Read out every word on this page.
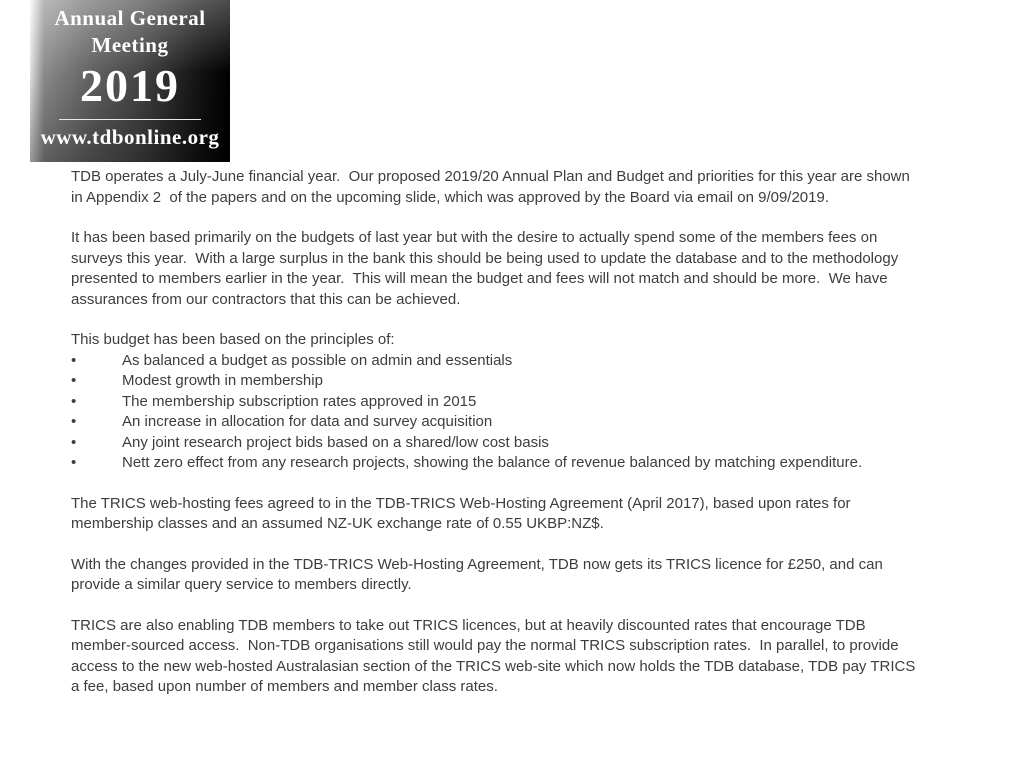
Annual General
Meeting
2019
www.tdbonline.org

TDB operates a July-June financial year.  Our proposed 2019/20 Annual Plan and Budget and priorities for this year are shown in Appendix 2  of the papers and on the upcoming slide, which was approved by the Board via email on 9/09/2019.

It has been based primarily on the budgets of last year but with the desire to actually spend some of the members fees on surveys this year.  With a large surplus in the bank this should be being used to update the database and to the methodology presented to members earlier in the year.  This will mean the budget and fees will not match and should be more.  We have assurances from our contractors that this can be achieved.

This budget has been based on the principles of:

•	As balanced a budget as possible on admin and essentials
•	Modest growth in membership
•	The membership subscription rates approved in 2015
•	An increase in allocation for data and survey acquisition
•	Any joint research project bids based on a shared/low cost basis
•	Nett zero effect from any research projects, showing the balance of revenue balanced by matching expenditure.

The TRICS web-hosting fees agreed to in the TDB-TRICS Web-Hosting Agreement (April 2017), based upon rates for membership classes and an assumed NZ-UK exchange rate of 0.55 UKBP:NZ$.

With the changes provided in the TDB-TRICS Web-Hosting Agreement, TDB now gets its TRICS licence for £250, and can provide a similar query service to members directly.

TRICS are also enabling TDB members to take out TRICS licences, but at heavily discounted rates that encourage TDB member-sourced access.  Non-TDB organisations still would pay the normal TRICS subscription rates.  In parallel, to provide access to the new web-hosted Australasian section of the TRICS web-site which now holds the TDB database, TDB pay TRICS a fee, based upon number of members and member class rates.
